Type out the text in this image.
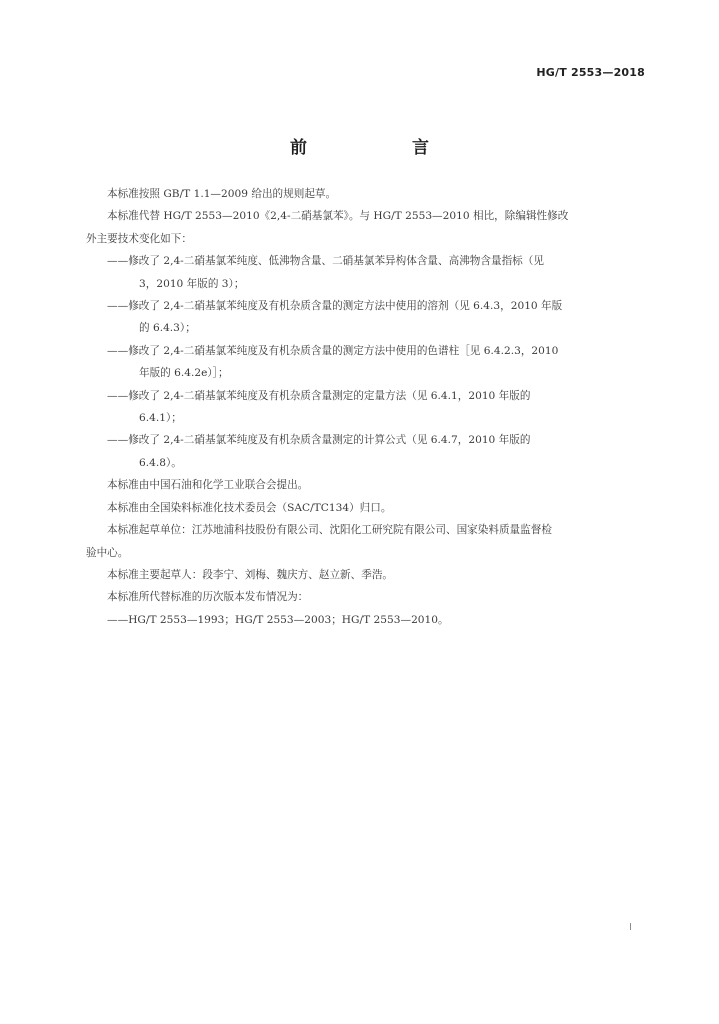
HG/T 2553—2018
前　言

本标准按照 GB/T 1.1—2009 给出的规则起草。

本标准代替 HG/T 2553—2010《2,4-二硝基氯苯》。与 HG/T 2553—2010 相比，除编辑性修改

外主要技术变化如下：

——修改了 2,4-二硝基氯苯纯度、低沸物含量、二硝基氯苯异构体含量、高沸物含量指标（见
3，2010 年版的 3）；
——修改了 2,4-二硝基氯苯纯度及有机杂质含量的测定方法中使用的溶剂（见 6.4.3，2010 年版
的 6.4.3）；
——修改了 2,4-二硝基氯苯纯度及有机杂质含量的测定方法中使用的色谱柱［见 6.4.2.3，2010
年版的 6.4.2e）］；
——修改了 2,4-二硝基氯苯纯度及有机杂质含量测定的定量方法（见 6.4.1，2010 年版的
6.4.1）；
——修改了 2,4-二硝基氯苯纯度及有机杂质含量测定的计算公式（见 6.4.7，2010 年版的
6.4.8）。

本标准由中国石油和化学工业联合会提出。

本标准由全国染料标准化技术委员会（SAC/TC134）归口。

本标准起草单位：江苏地浦科技股份有限公司、沈阳化工研究院有限公司、国家染料质量监督检

验中心。

本标准主要起草人：段李宁、刘梅、魏庆方、赵立新、季浩。

本标准所代替标准的历次版本发布情况为：

——HG/T 2553—1993；HG/T 2553—2003；HG/T 2553—2010。

I
